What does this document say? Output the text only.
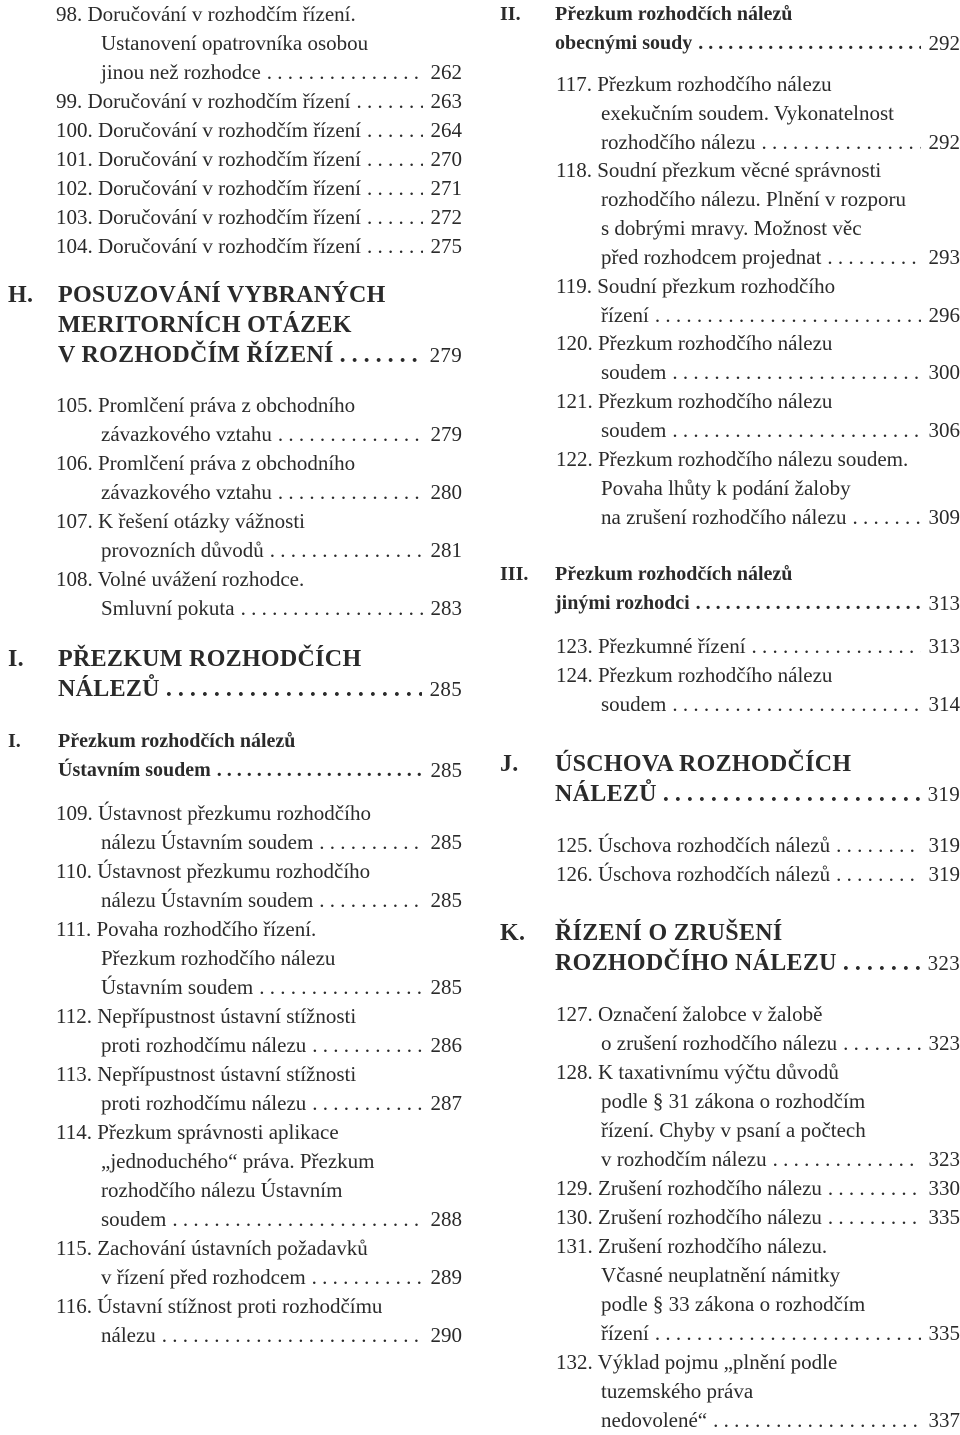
98. Doručování v rozhodčím řízení.
Ustanovení opatrovníka osobou
jinou než rozhodce . . .	262
99. Doručování v rozhodčím řízení . . .	263
100. Doručování v rozhodčím řízení . . .	264
101. Doručování v rozhodčím řízení . . .	270
102. Doručování v rozhodčím řízení . . .	271
103. Doručování v rozhodčím řízení . . .	272
104. Doručování v rozhodčím řízení . . .	275
H. POSUZOVÁNÍ VYBRANÝCH
MERITORNÍCH OTÁZEK
V ROZHODČÍM ŘÍZENÍ . . .	279
105. Promlčení práva z obchodního
závazkového vztahu . . .	279
106. Promlčení práva z obchodního
závazkového vztahu . . .	280
107. K řešení otázky vážnosti
provozních důvodů . . .	281
108. Volné uvážení rozhodce.
Smluvní pokuta . . .	283
I. PŘEZKUM ROZHODČÍCH
NÁLEZŮ . . .	285
I. Přezkum rozhodčích nálezů
Ústavním soudem . . .	285
109. Ústavnost přezkumu rozhodčího
nálezu Ústavním soudem . . .	285
110. Ústavnost přezkumu rozhodčího
nálezu Ústavním soudem . . .	285
111. Povaha rozhodčího řízení.
Přezkum rozhodčího nálezu
Ústavním soudem . . .	285
112. Nepřípustnost ústavní stížnosti
proti rozhodčímu nálezu . . .	286
113. Nepřípustnost ústavní stížnosti
proti rozhodčímu nálezu . . .	287
114. Přezkum správnosti aplikace
„jednoduchého“ práva. Přezkum
rozhodčího nálezu Ústavním
soudem . . .	288
115. Zachování ústavních požadavků
v řízení před rozhodcem . . .	289
116. Ústavní stížnost proti rozhodčímu
nálezu . . .	290
II. Přezkum rozhodčích nálezů
obecnými soudy . . .	292
117. Přezkum rozhodčího nálezu
exekučním soudem. Vykonatelnost
rozhodčího nálezu . . .	292
118. Soudní přezkum věcné správnosti
rozhodčího nálezu. Plnění v rozporu
s dobrými mravy. Možnost věc
před rozhodcem projednat . . .	293
119. Soudní přezkum rozhodčího
řízení . . .	296
120. Přezkum rozhodčího nálezu
soudem . . .	300
121. Přezkum rozhodčího nálezu
soudem . . .	306
122. Přezkum rozhodčího nálezu soudem.
Povaha lhůty k podání žaloby
na zrušení rozhodčího nálezu . . .	309
III. Přezkum rozhodčích nálezů
jinými rozhodci . . .	313
123. Přezkumné řízení . . .	313
124. Přezkum rozhodčího nálezu
soudem . . .	314
J. ÚSCHOVA ROZHODČÍCH
NÁLEZŮ . . .	319
125. Úschova rozhodčích nálezů . . .	319
126. Úschova rozhodčích nálezů . . .	319
K. ŘÍZENÍ O ZRUŠENÍ
ROZHODČÍHO NÁLEZU . . .	323
127. Označení žalobce v žalobě
o zrušení rozhodčího nálezu . . .	323
128. K taxativnímu výčtu důvodů
podle § 31 zákona o rozhodčím
řízení. Chyby v psaní a počtech
v rozhodčím nálezu . . .	323
129. Zrušení rozhodčího nálezu . . .	330
130. Zrušení rozhodčího nálezu . . .	335
131. Zrušení rozhodčího nálezu.
Včasné neuplatnění námitky
podle § 33 zákona o rozhodčím
řízení . . .	335
132. Výklad pojmu „plnění podle
tuzemského práva
nedovolené“ . . .	337
